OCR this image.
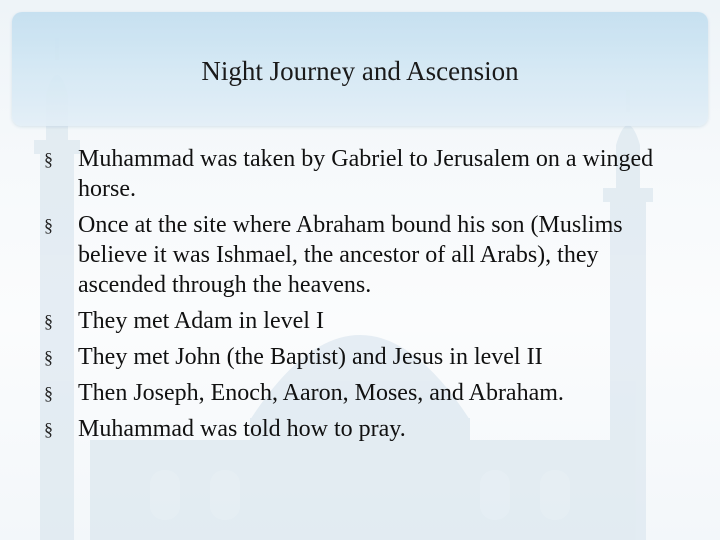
Night Journey and Ascension
§ Muhammad was taken by Gabriel to Jerusalem on a winged horse.
§ Once at the site where Abraham bound his son (Muslims believe it was Ishmael, the ancestor of all Arabs), they ascended through the heavens.
§ They met Adam in level I
§ They met John (the Baptist) and Jesus in level II
§ Then Joseph, Enoch, Aaron, Moses, and Abraham.
§ Muhammad was told how to pray.
